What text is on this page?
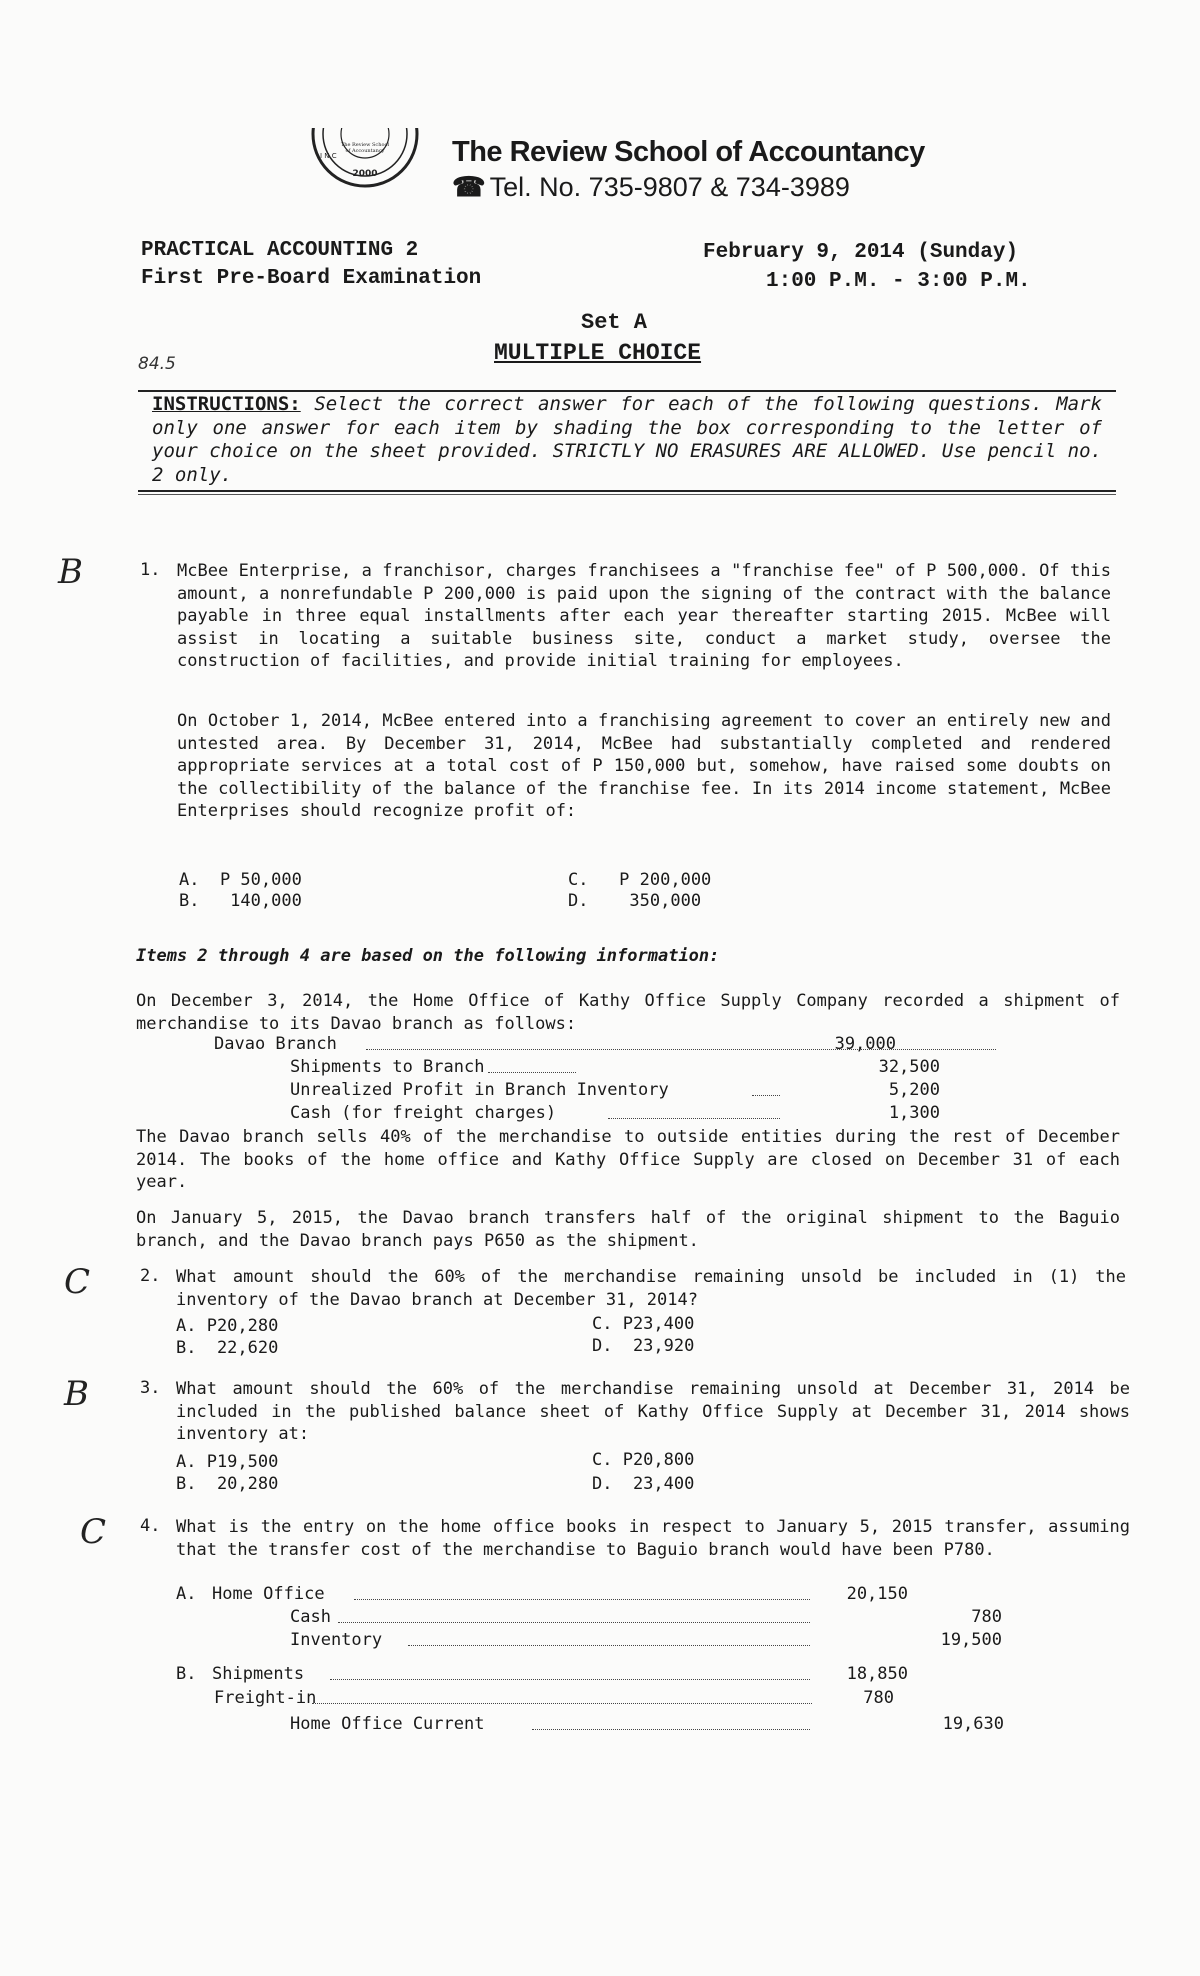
2000
I N C
The Review School
of Accountancy The Review School of Accountancy
☎ Tel. No. 735-9807 & 734-3989
PRACTICAL ACCOUNTING 2
First Pre-Board Examination
February 9, 2014 (Sunday)
1:00 P.M. - 3:00 P.M.
Set A
MULTIPLE CHOICE
84.5
INSTRUCTIONS: Select the correct answer for each of the following questions. Mark only one answer for each item by shading the box corresponding to the letter of your choice on the sheet provided. STRICTLY NO ERASURES ARE ALLOWED. Use pencil no. 2 only.
B
C
B
C
1. McBee Enterprise, a franchisor, charges franchisees a "franchise fee" of P 500,000. Of this amount, a nonrefundable P 200,000 is paid upon the signing of the contract with the balance payable in three equal installments after each year thereafter starting 2015. McBee will assist in locating a suitable business site, conduct a market study, oversee the construction of facilities, and provide initial training for employees.
On October 1, 2014, McBee entered into a franchising agreement to cover an entirely new and untested area. By December 31, 2014, McBee had substantially completed and rendered appropriate services at a total cost of P 150,000 but, somehow, have raised some doubts on the collectibility of the balance of the franchise fee. In its 2014 income statement, McBee Enterprises should recognize profit of:
A.  P 50,000
B.   140,000
C.   P 200,000
D.    350,000
Items 2 through 4 are based on the following information:
On December 3, 2014, the Home Office of Kathy Office Supply Company recorded a shipment of merchandise to its Davao branch as follows:
Davao Branch	39,000
Shipments to Branch	32,500
Unrealized Profit in Branch Inventory	5,200
Cash (for freight charges)	1,300
The Davao branch sells 40% of the merchandise to outside entities during the rest of December 2014. The books of the home office and Kathy Office Supply are closed on December 31 of each year.
On January 5, 2015, the Davao branch transfers half of the original shipment to the Baguio branch, and the Davao branch pays P650 as the shipment.
2. What amount should the 60% of the merchandise remaining unsold be included in (1) the inventory of the Davao branch at December 31, 2014?
A. P20,280
B.  22,620
C. P23,400
D.  23,920
3. What amount should the 60% of the merchandise remaining unsold at December 31, 2014 be included in the published balance sheet of Kathy Office Supply at December 31, 2014 shows inventory at:
A. P19,500
B.  20,280
C. P20,800
D.  23,400
4. What is the entry on the home office books in respect to January 5, 2015 transfer, assuming that the transfer cost of the merchandise to Baguio branch would have been P780.
A. Home Office	20,150
Cash	780
Inventory	19,500
B. Shipments	18,850
Freight-in	780
Home Office Current	19,630
